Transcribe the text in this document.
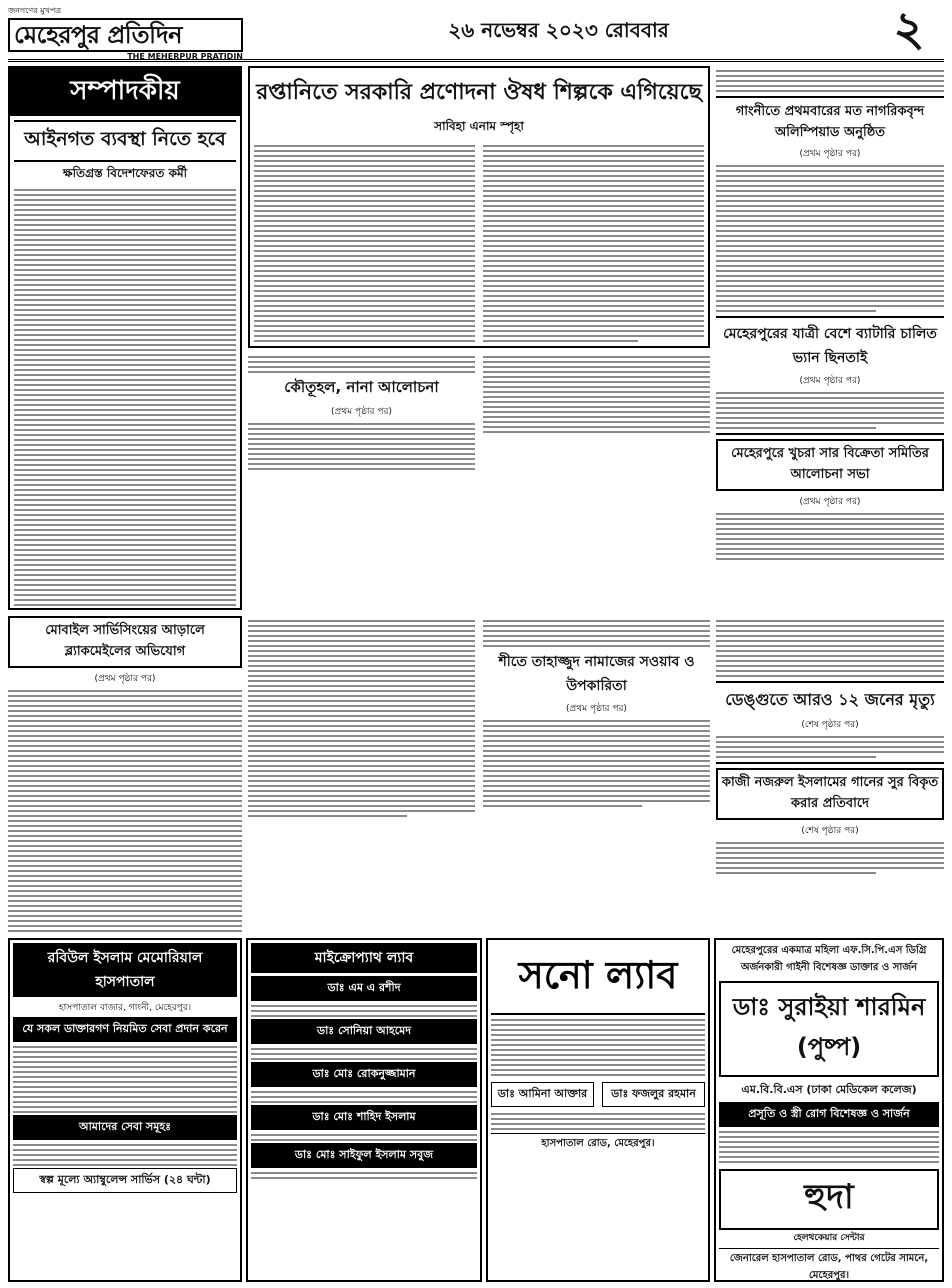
জনগণের মুখপত্র
মেহেরপুর প্রতিদিন
THE MEHERPUR PRATIDIN
২৬ নভেম্বর ২০২৩ রোববার	২
সম্পাদকীয়
আইনগত ব্যবস্থা নিতে হবে
ক্ষতিগ্রস্ত বিদেশফেরত কর্মী
রপ্তানিতে সরকারি প্রণোদনা ঔষধ শিল্পকে এগিয়েছে
সাবিহা এনাম স্পৃহা
কৌতূহল, নানা আলোচনা
(প্রথম পৃষ্ঠার পর)
গাংনীতে প্রথমবারের মত নাগরিকবৃন্দ অলিম্পিয়াড অনুষ্ঠিত
(প্রথম পৃষ্ঠার পর)
মেহেরপুরের যাত্রী বেশে ব্যাটারি চালিত ভ্যান ছিনতাই
(প্রথম পৃষ্ঠার পর)
মেহেরপুরে খুচরা সার বিক্রেতা সমিতির আলোচনা সভা
(প্রথম পৃষ্ঠার পর)
মোবাইল সার্ভিসিংয়ের আড়ালে ব্ল্যাকমেইলের অভিযোগ
(প্রথম পৃষ্ঠার পর)
শীতে তাহাজ্জুদ নামাজের সওয়াব ও উপকারিতা
(প্রথম পৃষ্ঠার পর)	ডেঙ্গুতে আরও ১২ জনের মৃত্যু
(শেষ পৃষ্ঠার পর)
কাজী নজরুল ইসলামের গানের সুর বিকৃত করার প্রতিবাদে
(শেষ পৃষ্ঠার পর)
রবিউল ইসলাম মেমোরিয়াল হাসপাতাল
হাসপাতাল বাজার, গাংনী, মেহেরপুর।
যে সকল ডাক্তারগণ নিয়মিত সেবা প্রদান করেন
আমাদের সেবা সমূহঃ
স্বল্প মূল্যে অ্যাম্বুলেন্স সার্ভিস (২৪ ঘন্টা)
মাইক্রোপ্যাথ ল্যাব
ডাঃ এম এ রশীদ
ডাঃ সোনিয়া আহমেদ
ডাঃ মোঃ রোকনুজ্জামান
ডাঃ মোঃ শাহিদ ইসলাম
ডাঃ মোঃ সাইফুল ইসলাম সবুজ
সনো ল্যাব
ডাঃ আমিনা আক্তার	ডাঃ ফজলুর রহমান
হাসপাতাল রোড, মেহেরপুর।
মেহেরপুরের একমাত্র মহিলা এফ.সি.পি.এস ডিগ্রি অর্জনকারী গাইনী বিশেষজ্ঞ ডাক্তার ও সার্জন
ডাঃ সুরাইয়া শারমিন (পুষ্প)
এম.বি.বি.এস (ঢাকা মেডিকেল কলেজ)
প্রসূতি ও স্ত্রী রোগ বিশেষজ্ঞ ও সার্জন
হুদা
হেলথকেয়ার সেন্টার
জেনারেল হাসপাতাল রোড, পাথর গেটের সামনে, মেহেরপুর।
